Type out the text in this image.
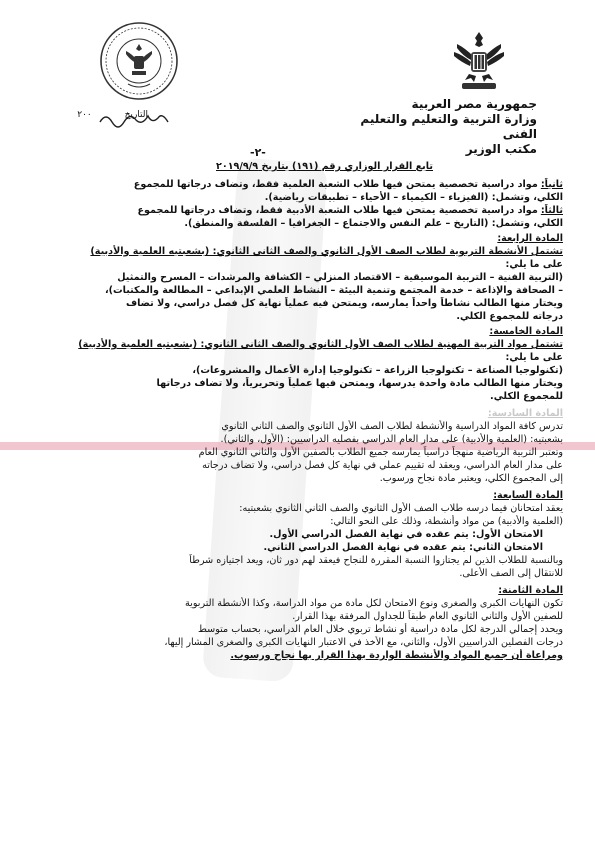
جمهورية مصر العربية
وزارة التربية والتعليم والتعليم الفنى
مكتب الوزير
التاريخ ٢٠٠
-٢-
تابع القرار الوزاري رقم (١٩١) بتاريخ ٢٠١٩/٩/٩
ثانياً: مواد دراسية تخصصية يمتحن فيها طلاب الشعبة العلمية فقط، وتضاف درجاتها للمجموع
الكلي، وتشمل: (الفيزياء – الكيمياء – الأحياء – تطبيقات رياضية).
ثالثاً: مواد دراسية تخصصية يمتحن فيها طلاب الشعبة الأدبية فقط، وتضاف درجاتها للمجموع
الكلي، وتشمل: (التاريخ – علم النفس والاجتماع – الجغرافيا – الفلسفة والمنطق).
المادة الرابعة:
تشتمل الأنشطة التربوية لطلاب الصف الأول الثانوي والصف الثاني الثانوي: (بشعبتيه العلمية والأدبية)
على ما يلي:
(التربية الفنية – التربية الموسيقية – الاقتصاد المنزلي – الكشافة والمرشدات – المسرح والتمثيل
– الصحافة والإذاعة – خدمة المجتمع وتنمية البيئة – النشاط العلمي الإبداعي – المطالعة والمكتبات)،
ويختار منها الطالب نشاطاً واحداً يمارسه، ويمتحن فيه عملياً نهاية كل فصل دراسي، ولا تضاف
درجاته للمجموع الكلي.
المادة الخامسة:
تشتمل مواد التربية المهنية لطلاب الصف الأول الثانوي والصف الثاني الثانوي: (بشعبتيه العلمية والأدبية)
على ما يلي:
(تكنولوجيا الصناعة – تكنولوجيا الزراعة – تكنولوجيا إدارة الأعمال والمشروعات)،
ويختار منها الطالب مادة واحدة يدرسها، ويمتحن فيها عملياً وتحريرياً، ولا تضاف درجاتها
للمجموع الكلي.
المادة السادسة:
تدرس كافة المواد الدراسية والأنشطة لطلاب الصف الأول الثانوي والصف الثاني الثانوي
بشعبتيه: (العلمية والأدبية) على مدار العام الدراسي بفصليه الدراسيين: (الأول، والثاني).
وتعتبر التربية الرياضية منهجاً دراسياً يمارسه جميع الطلاب بالصفين الأول والثاني الثانوي العام
على مدار العام الدراسي، ويعقد له تقييم عملي في نهاية كل فصل دراسي، ولا تضاف درجاته
إلى المجموع الكلي، ويعتبر مادة نجاح ورسوب.
المادة السابعة:
يعقد امتحانان فيما درسه طلاب الصف الأول الثانوي والصف الثاني الثانوي بشعبتيه:
(العلمية والأدبية) من مواد وأنشطة، وذلك على النحو التالي:
الامتحان الأول: يتم عقده في نهاية الفصل الدراسي الأول.
الامتحان الثاني: يتم عقده في نهاية الفصل الدراسي الثاني.
وبالنسبة للطلاب الذين لم يجتازوا النسبة المقررة للنجاح فيعقد لهم دور ثان، ويعد اجتيازه شرطاً
للانتقال إلى الصف الأعلى.
المادة الثامنة:
تكون النهايات الكبرى والصغرى ونوع الامتحان لكل مادة من مواد الدراسة، وكذا الأنشطة التربوية
للصفين الأول والثاني الثانوي العام طبقاً للجداول المرفقة بهذا القرار.
ويحدد إجمالي الدرجة لكل مادة دراسية أو نشاط تربوي خلال العام الدراسي، بحساب متوسط
درجات الفصلين الدراسيين الأول، والثاني، مع الأخذ في الاعتبار النهايات الكبرى والصغرى المشار إليها،
ومراعاة أن جميع المواد والأنشطة الواردة بهذا القرار بها نجاح ورسوب.
